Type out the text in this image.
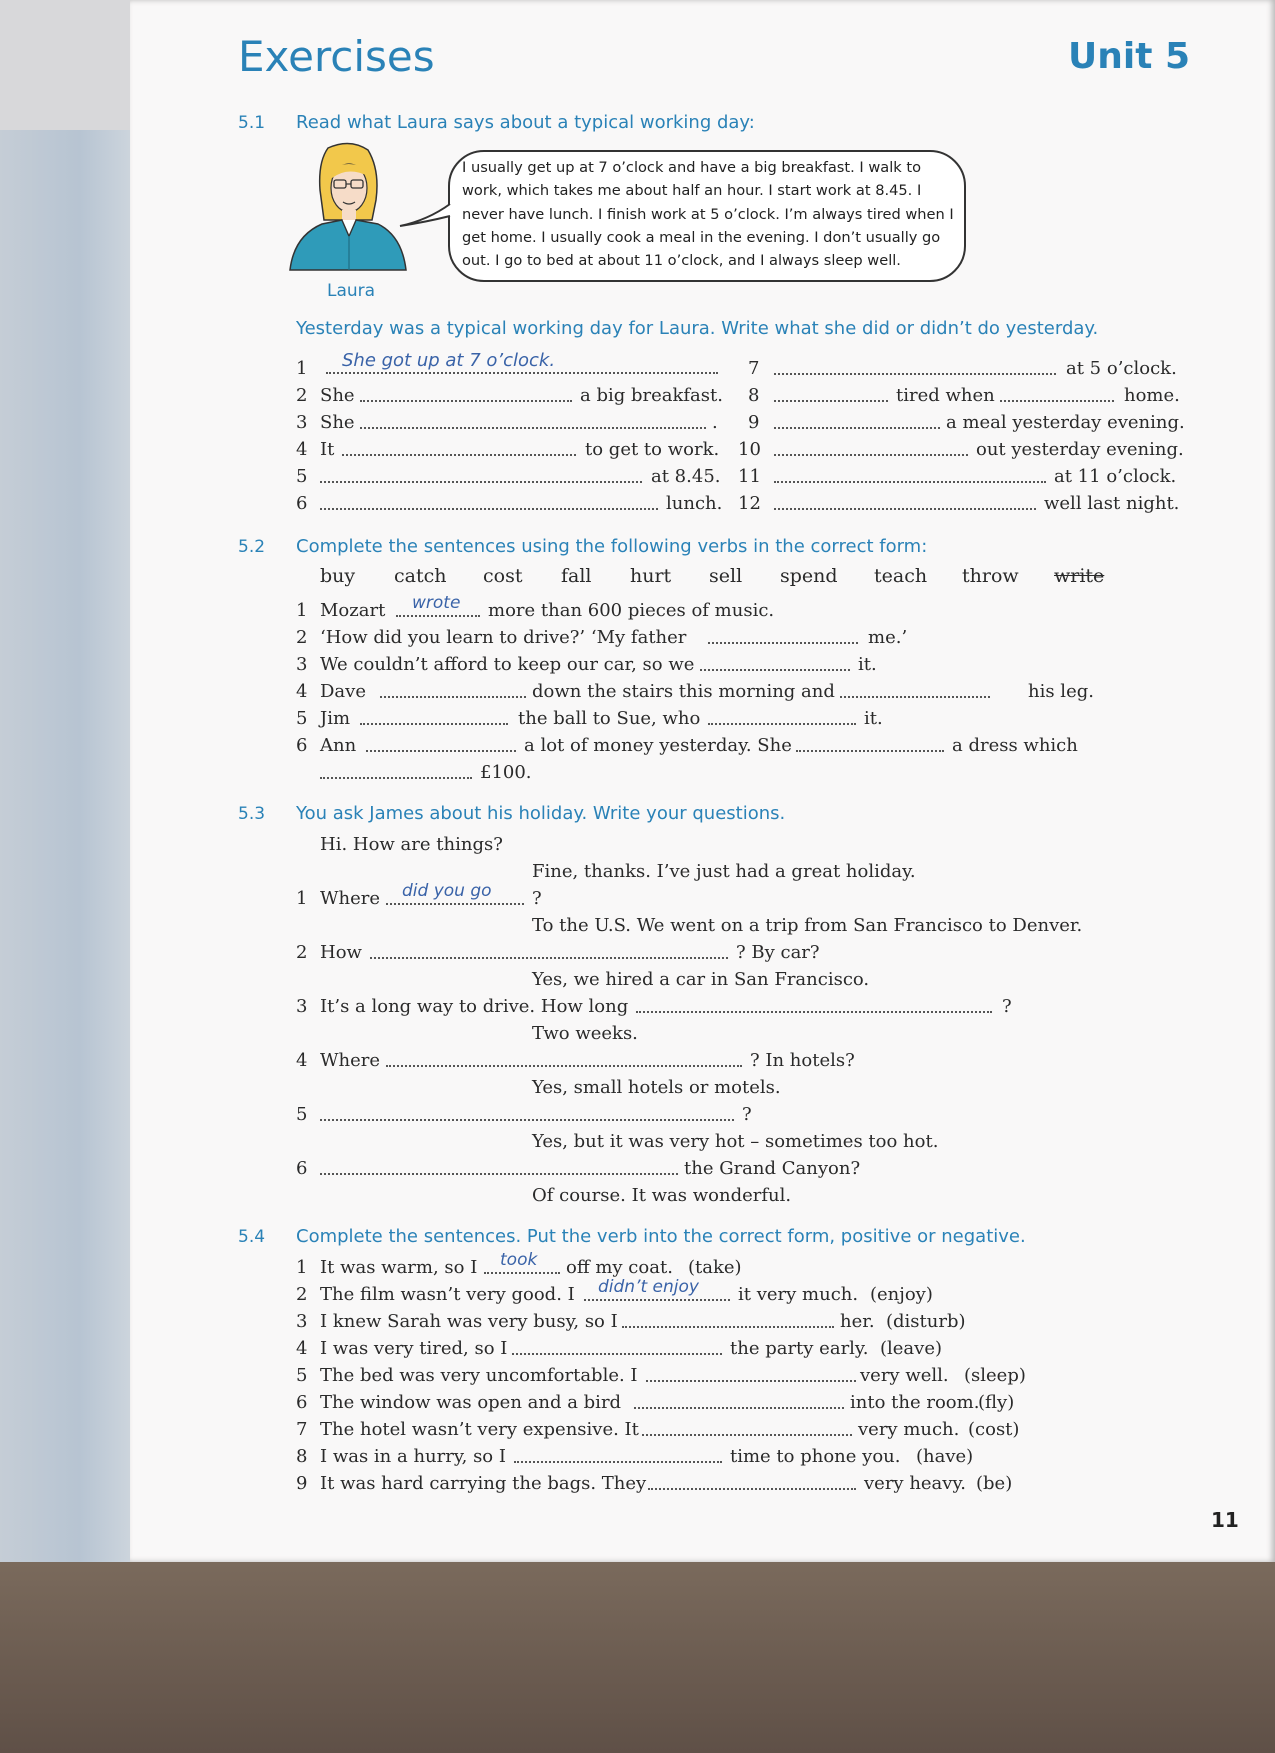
Exercises	Unit 5
5.1 Read what Laura says about a typical working day:
Laura
I usually get up at 7 o’clock and have a big breakfast. I walk to work, which takes me about half an hour. I start work at 8.45. I never have lunch. I finish work at 5 o’clock. I’m always tired when I get home. I usually cook a meal in the evening. I don’t usually go out. I go to bed at about 11 o’clock, and I always sleep well.
Yesterday was a typical working day for Laura. Write what she did or didn’t do yesterday.
1 She got up at 7 o’clock.
2 She	a big breakfast.
3 She	.
4 It	to get to work.
5	at 8.45.
6	lunch.
7	at 5 o’clock.
8	tired when	home.
9	a meal yesterday evening.
10	out yesterday evening.
11	at 11 o’clock.
12	well last night.
5.2 Complete the sentences using the following verbs in the correct form:
buy catch cost fall hurt sell spend teach throw write
1 Mozart wrote more than 600 pieces of music.
2 ‘How did you learn to drive?’ ‘My father	me.’
3 We couldn’t afford to keep our car, so we	it.
4 Dave	down the stairs this morning and	his leg.
5 Jim	the ball to Sue, who	it.
6 Ann	a lot of money yesterday. She	a dress which
£100.
5.3 You ask James about his holiday. Write your questions.
Hi. How are things?
Fine, thanks. I’ve just had a great holiday.
1 Where did you go ?
To the U.S. We went on a trip from San Francisco to Denver.
2 How	? By car?
Yes, we hired a car in San Francisco.
3 It’s a long way to drive. How long	?
Two weeks.
4 Where	? In hotels?
Yes, small hotels or motels.
5	?
Yes, but it was very hot – sometimes too hot.
6	the Grand Canyon?
Of course. It was wonderful.
5.4 Complete the sentences. Put the verb into the correct form, positive or negative.
1 It was warm, so I took off my coat. (take)
2 The film wasn’t very good. I didn’t enjoy it very much. (enjoy)
3 I knew Sarah was very busy, so I	her. (disturb)
4 I was very tired, so I	the party early. (leave)
5 The bed was very uncomfortable. I	very well. (sleep)
6 The window was open and a bird	into the room.
(fly)
7 The hotel wasn’t very expensive. It	very much. (cost)
8 I was in a hurry, so I	time to phone you. (have)
9 It was hard carrying the bags. They	very heavy. (be)
11
